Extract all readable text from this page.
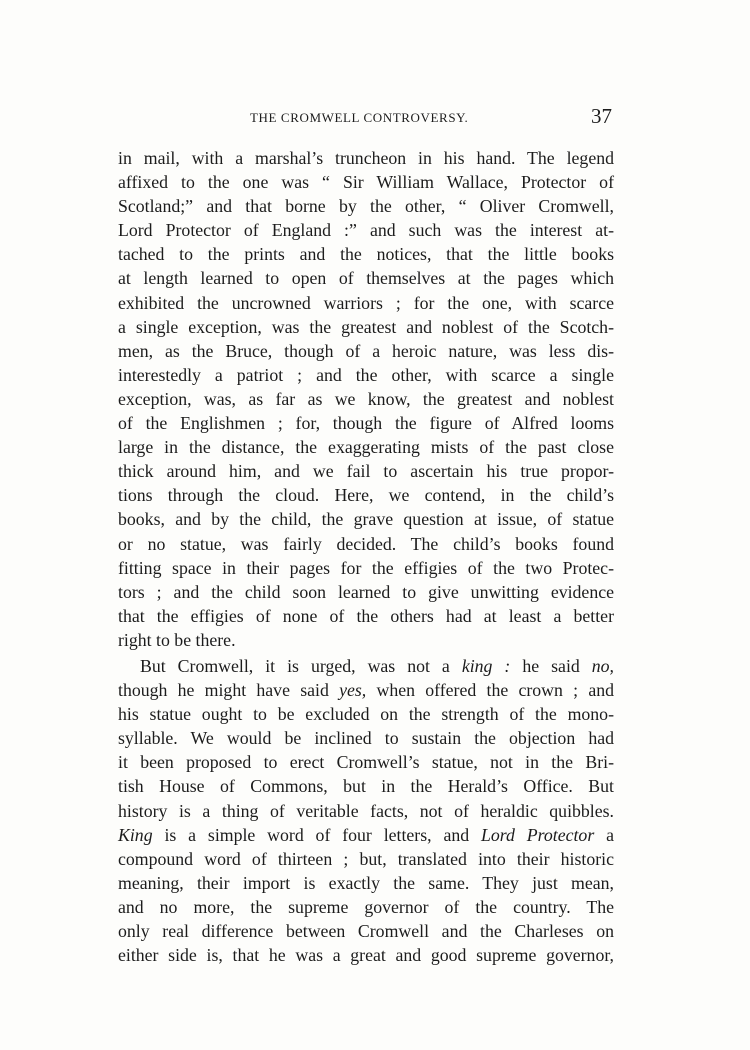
THE CROMWELL CONTROVERSY.	37
in mail, with a marshal’s truncheon in his hand. The legend
affixed to the one was “ Sir William Wallace, Protector of
Scotland;” and that borne by the other, “ Oliver Cromwell,
Lord Protector of England :” and such was the interest at-
tached to the prints and the notices, that the little books
at length learned to open of themselves at the pages which
exhibited the uncrowned warriors ; for the one, with scarce
a single exception, was the greatest and noblest of the Scotch-
men, as the Bruce, though of a heroic nature, was less dis-
interestedly a patriot ; and the other, with scarce a single
exception, was, as far as we know, the greatest and noblest
of the Englishmen ; for, though the figure of Alfred looms
large in the distance, the exaggerating mists of the past close
thick around him, and we fail to ascertain his true propor-
tions through the cloud. Here, we contend, in the child’s
books, and by the child, the grave question at issue, of statue
or no statue, was fairly decided. The child’s books found
fitting space in their pages for the effigies of the two Protec-
tors ; and the child soon learned to give unwitting evidence
that the effigies of none of the others had at least a better
right to be there.
But Cromwell, it is urged, was not a king : he said no,
though he might have said yes, when offered the crown ; and
his statue ought to be excluded on the strength of the mono-
syllable. We would be inclined to sustain the objection had
it been proposed to erect Cromwell’s statue, not in the Bri-
tish House of Commons, but in the Herald’s Office. But
history is a thing of veritable facts, not of heraldic quibbles.
King is a simple word of four letters, and Lord Protector a
compound word of thirteen ; but, translated into their historic
meaning, their import is exactly the same. They just mean,
and no more, the supreme governor of the country. The
only real difference between Cromwell and the Charleses on
either side is, that he was a great and good supreme governor,
